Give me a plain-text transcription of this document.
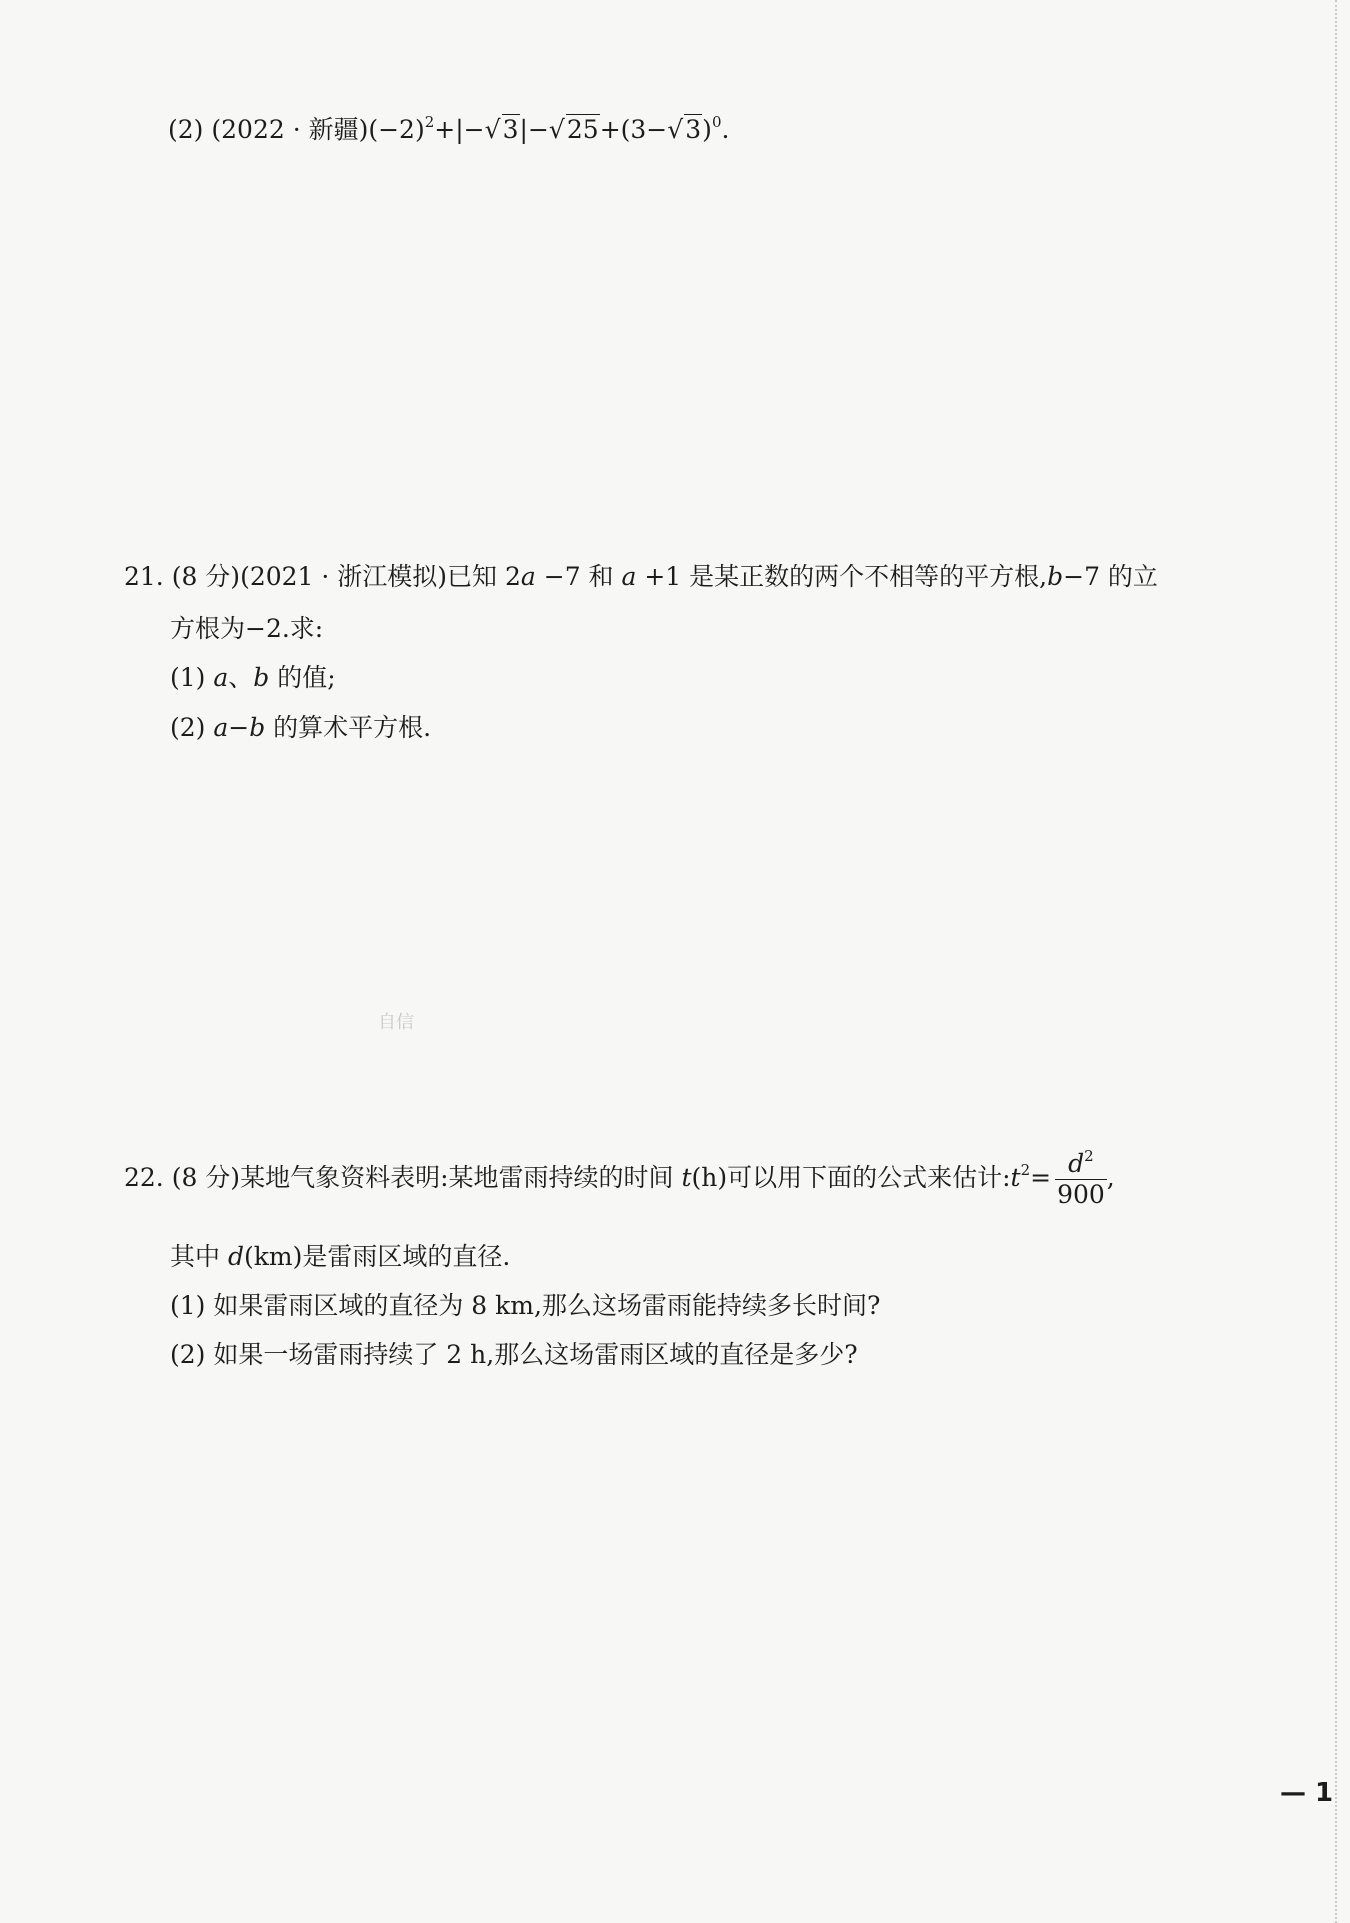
(2) (2022 · 新疆)$(-2)^2+|-$ √ 3|− √ 25+(3− √ 3)$^0$.
21. (8 分)(2021 · 浙江模拟)已知 2a −7 和 a +1 是某正数的两个不相等的平方根,b−7 的立
方根为−2.求:
(1) a、b 的值;
(2) a−b 的算术平方根.
自信
22. (8 分)某地气象资料表明:某地雷雨持续的时间 t(h)可以用下面的公式来估计$:t^2= \frac{d^2}{900}$ ,
其中 d(km)是雷雨区域的直径.
(1) 如果雷雨区域的直径为 8 km,那么这场雷雨能持续多长时间?
(2) 如果一场雷雨持续了 2 h,那么这场雷雨区域的直径是多少?
— 1
